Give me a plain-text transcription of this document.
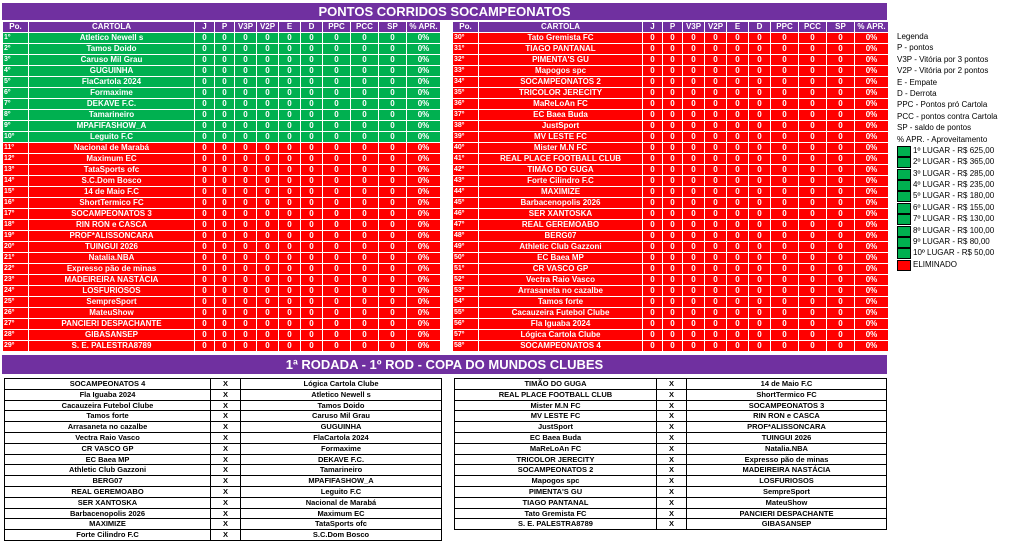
PONTOS CORRIDOS SOCAMPEONATOS
Po.	CARTOLA	J	P	V3P	V2P	E	D	PPC	PCC	SP	% APR.
1º	Atletico Newell s	0	0	0	0	0	0	0	0	0	0%
2º	Tamos Doido	0	0	0	0	0	0	0	0	0	0%
3º	Caruso Mil Grau	0	0	0	0	0	0	0	0	0	0%
4º	GUGUINHA	0	0	0	0	0	0	0	0	0	0%
5º	FlaCartola 2024	0	0	0	0	0	0	0	0	0	0%
6º	Formaxime	0	0	0	0	0	0	0	0	0	0%
7º	DEKAVE F.C.	0	0	0	0	0	0	0	0	0	0%
8º	Tamarineiro	0	0	0	0	0	0	0	0	0	0%
9º	MPAFIFASHOW_A	0	0	0	0	0	0	0	0	0	0%
10º	Leguito F.C	0	0	0	0	0	0	0	0	0	0%
11º	Nacional de Marabá	0	0	0	0	0	0	0	0	0	0%
12º	Maximum EC	0	0	0	0	0	0	0	0	0	0%
13º	TataSports ofc	0	0	0	0	0	0	0	0	0	0%
14º	S.C.Dom Bosco	0	0	0	0	0	0	0	0	0	0%
15º	14 de Maio F.C	0	0	0	0	0	0	0	0	0	0%
16º	ShortTermico FC	0	0	0	0	0	0	0	0	0	0%
17º	SOCAMPEONATOS 3	0	0	0	0	0	0	0	0	0	0%
18º	RIN RON e CASCA	0	0	0	0	0	0	0	0	0	0%
19º	PROF*ALISSONCARA	0	0	0	0	0	0	0	0	0	0%
20º	TUINGUI 2026	0	0	0	0	0	0	0	0	0	0%
21º	Natalia.NBA	0	0	0	0	0	0	0	0	0	0%
22º	Expresso pão de minas	0	0	0	0	0	0	0	0	0	0%
23º	MADEIREIRA NASTÁCIA	0	0	0	0	0	0	0	0	0	0%
24º	LOSFURIOSOS	0	0	0	0	0	0	0	0	0	0%
25º	SempreSport	0	0	0	0	0	0	0	0	0	0%
26º	MateuShow	0	0	0	0	0	0	0	0	0	0%
27º	PANCIERI DESPACHANTE	0	0	0	0	0	0	0	0	0	0%
28º	GIBASANSEP	0	0	0	0	0	0	0	0	0	0%
29º	S. E. PALESTRA8789	0	0	0	0	0	0	0	0	0	0%
Po.	CARTOLA	J	P	V3P	V2P	E	D	PPC	PCC	SP	% APR.
30º	Tato Gremista FC	0	0	0	0	0	0	0	0	0	0%
31º	TIAGO PANTANAL	0	0	0	0	0	0	0	0	0	0%
32º	PIMENTA'S GU	0	0	0	0	0	0	0	0	0	0%
33º	Mapogos spc	0	0	0	0	0	0	0	0	0	0%
34º	SOCAMPEONATOS 2	0	0	0	0	0	0	0	0	0	0%
35º	TRICOLOR JERECITY	0	0	0	0	0	0	0	0	0	0%
36º	MaReLoAn FC	0	0	0	0	0	0	0	0	0	0%
37º	EC Baea Buda	0	0	0	0	0	0	0	0	0	0%
38º	JustSport	0	0	0	0	0	0	0	0	0	0%
39º	MV LESTE FC	0	0	0	0	0	0	0	0	0	0%
40º	Mister M.N FC	0	0	0	0	0	0	0	0	0	0%
41º	REAL PLACE FOOTBALL CLUB	0	0	0	0	0	0	0	0	0	0%
42º	TIMÃO DO GUGA	0	0	0	0	0	0	0	0	0	0%
43º	Forte Cilindro F.C	0	0	0	0	0	0	0	0	0	0%
44º	MAXIMIZE	0	0	0	0	0	0	0	0	0	0%
45º	Barbacenopolis 2026	0	0	0	0	0	0	0	0	0	0%
46º	SER XANTOSKA	0	0	0	0	0	0	0	0	0	0%
47º	REAL GEREMOABO	0	0	0	0	0	0	0	0	0	0%
48º	BERG07	0	0	0	0	0	0	0	0	0	0%
49º	Athletic Club Gazzoni	0	0	0	0	0	0	0	0	0	0%
50º	EC Baea MP	0	0	0	0	0	0	0	0	0	0%
51º	CR VASCO GP	0	0	0	0	0	0	0	0	0	0%
52º	Vectra Raio Vasco	0	0	0	0	0	0	0	0	0	0%
53º	Arrasaneta no cazalbe	0	0	0	0	0	0	0	0	0	0%
54º	Tamos forte	0	0	0	0	0	0	0	0	0	0%
55º	Cacauzeira Futebol Clube	0	0	0	0	0	0	0	0	0	0%
56º	Fla Iguaba 2024	0	0	0	0	0	0	0	0	0	0%
57º	Lógica Cartola Clube	0	0	0	0	0	0	0	0	0	0%
58º	SOCAMPEONATOS 4	0	0	0	0	0	0	0	0	0	0%
Legenda
P - pontos
V3P - Vitória por 3 pontos
V2P - Vitória por 2 pontos
E - Empate
D - Derrota
PPC - Pontos pró Cartola
PCC - pontos contra Cartola
SP - saldo de pontos
% APR. - Aproveitamento
1º LUGAR - R$ 625,00
2º LUGAR - R$ 365,00
3º LUGAR - R$ 285,00
4º LUGAR - R$ 235,00
5º LUGAR - R$ 180,00
6º LUGAR - R$ 155,00
7º LUGAR - R$ 130,00
8º LUGAR - R$ 100,00
9º LUGAR - R$ 80,00
10º LUGAR - R$ 50,00
ELIMINADO
1ª RODADA - 1º ROD - COPA DO MUNDOS CLUBES
SOCAMPEONATOS 4	X	Lógica Cartola Clube
Fla Iguaba 2024	X	Atletico Newell s
Cacauzeira Futebol Clube	X	Tamos Doido
Tamos forte	X	Caruso Mil Grau
Arrasaneta no cazalbe	X	GUGUINHA
Vectra Raio Vasco	X	FlaCartola 2024
CR VASCO GP	X	Formaxime
EC Baea MP	X	DEKAVE F.C.
Athletic Club Gazzoni	X	Tamarineiro
BERG07	X	MPAFIFASHOW_A
REAL GEREMOABO	X	Leguito F.C
SER XANTOSKA	X	Nacional de Marabá
Barbacenopolis 2026	X	Maximum EC
MAXIMIZE	X	TataSports ofc
Forte Cilindro F.C	X	S.C.Dom Bosco
TIMÃO DO GUGA	X	14 de Maio F.C
REAL PLACE FOOTBALL CLUB	X	ShortTermico FC
Mister M.N FC	X	SOCAMPEONATOS 3
MV LESTE FC	X	RIN RON e CASCA
JustSport	X	PROF*ALISSONCARA
EC Baea Buda	X	TUINGUI 2026
MaReLoAn FC	X	Natalia.NBA
TRICOLOR JERECITY	X	Expresso pão de minas
SOCAMPEONATOS 2	X	MADEIREIRA NASTÁCIA
Mapogos spc	X	LOSFURIOSOS
PIMENTA'S GU	X	SempreSport
TIAGO PANTANAL	X	MateuShow
Tato Gremista FC	X	PANCIERI DESPACHANTE
S. E. PALESTRA8789	X	GIBASANSEP
